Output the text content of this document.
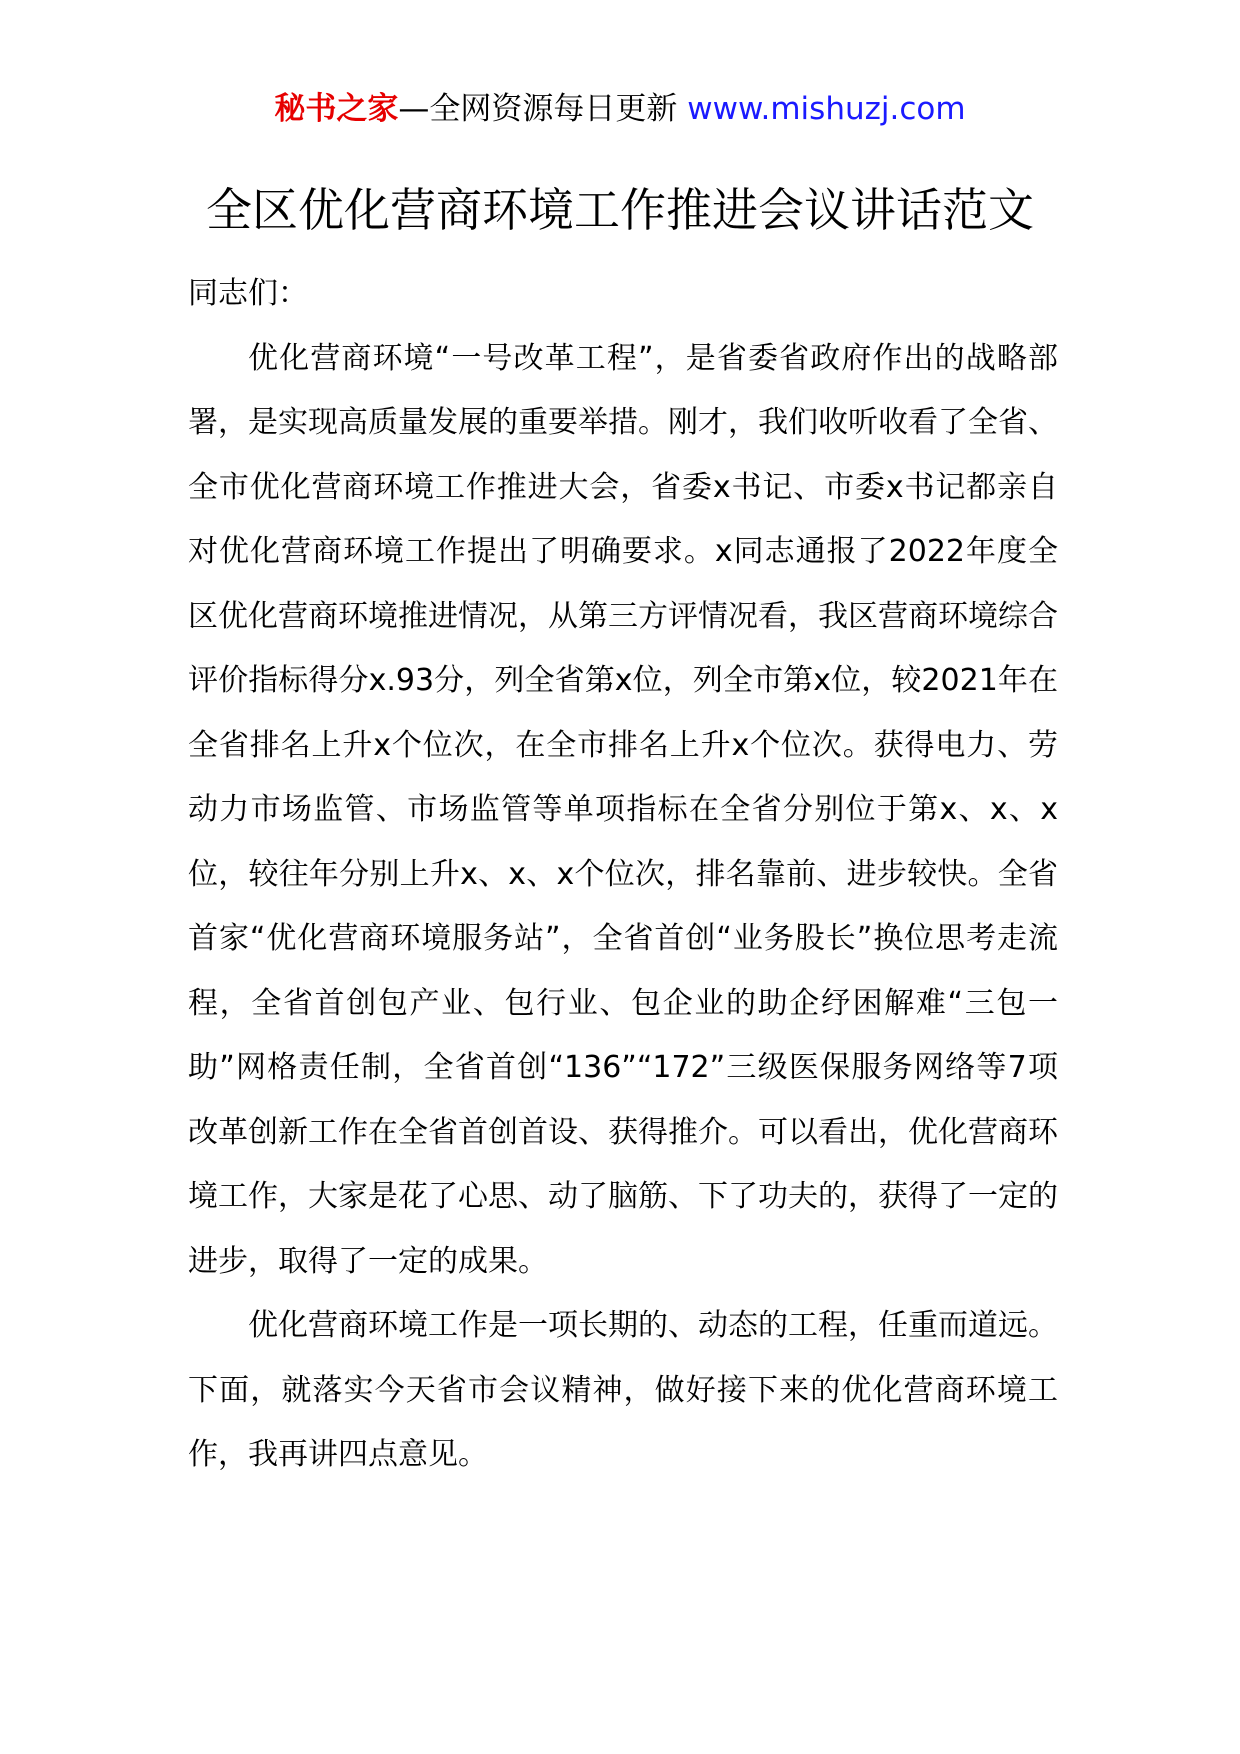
秘书之家—全网资源每日更新 www.mishuzj.com
全区优化营商环境工作推进会议讲话范文

同志们：

优化营商环境“一号改革工程”，是省委省政府作出的战略部署，是实现高质量发展的重要举措。刚才，我们收听收看了全省、全市优化营商环境工作推进大会，省委x书记、市委x书记都亲自对优化营商环境工作提出了明确要求。x同志通报了2022年度全区优化营商环境推进情况，从第三方评情况看，我区营商环境综合评价指标得分x.93分，列全省第x位，列全市第x位，较2021年在全省排名上升x个位次，在全市排名上升x个位次。获得电力、劳动力市场监管、市场监管等单项指标在全省分别位于第x、x、x位，较往年分别上升x、x、x个位次，排名靠前、进步较快。全省首家“优化营商环境服务站”，全省首创“业务股长”换位思考走流程，全省首创包产业、包行业、包企业的助企纾困解难“三包一助”网格责任制，全省首创“136”“172”三级医保服务网络等7项改革创新工作在全省首创首设、获得推介。可以看出，优化营商环境工作，大家是花了心思、动了脑筋、下了功夫的，获得了一定的进步，取得了一定的成果。

优化营商环境工作是一项长期的、动态的工程，任重而道远。下面，就落实今天省市会议精神，做好接下来的优化营商环境工作，我再讲四点意见。
